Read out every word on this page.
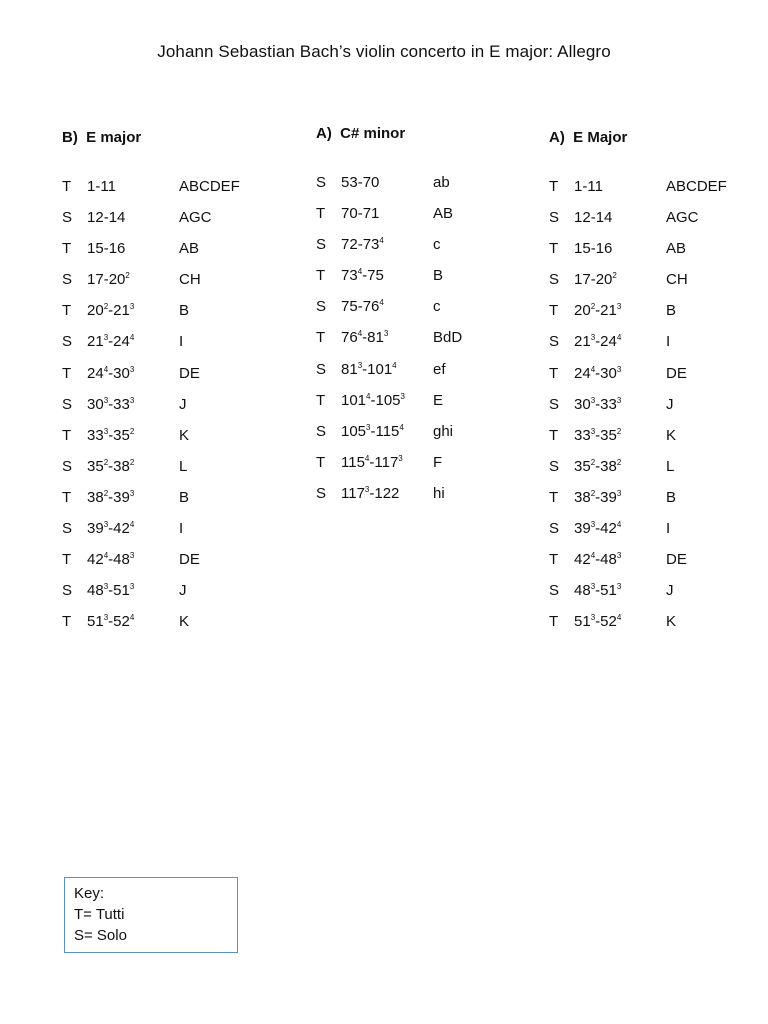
Johann Sebastian Bach’s violin concerto in E major: Allegro
B) E major
T 1-11	ABCDEF
S 12-14	AGC
T 15-16	AB
S $17-20^2$	CH
T $20^2-21^3$	B
S $21^3-24^4$	I
T $24^4-30^3$	DE
S $30^3-33^3$	J
T $33^3-35^2$	K
S $35^2-38^2$	L
T $38^2-39^3$	B
S $39^3-42^4$	I
T $42^4-48^3$	DE
S $48^3-51^3$	J
T $51^3-52^4$	K
A) C# minor
S 53-70	ab
T 70-71	AB
S $72-73^4$	c
T $73^4-75$	B
S $75-76^4$	c
T $76^4-81^3$	BdD
S $81^3-101^4$ ef
T $101^4-105^3$ E
S $105^3-115^4$ ghi
T $115^4-117^3$ F
S $117^3-122$ hi
A) E Major
T 1-11	ABCDEF
S 12-14	AGC
T 15-16	AB
S $17-20^2$	CH
T $20^2-21^3$	B
S $21^3-24^4$	I
T $24^4-30^3$	DE
S $30^3-33^3$	J
T $33^3-35^2$	K
S $35^2-38^2$	L
T $38^2-39^3$	B
S $39^3-42^4$	I
T $42^4-48^3$	DE
S $48^3-51^3$	J
T $51^3-52^4$	K
Key:
T= Tutti
S= Solo
